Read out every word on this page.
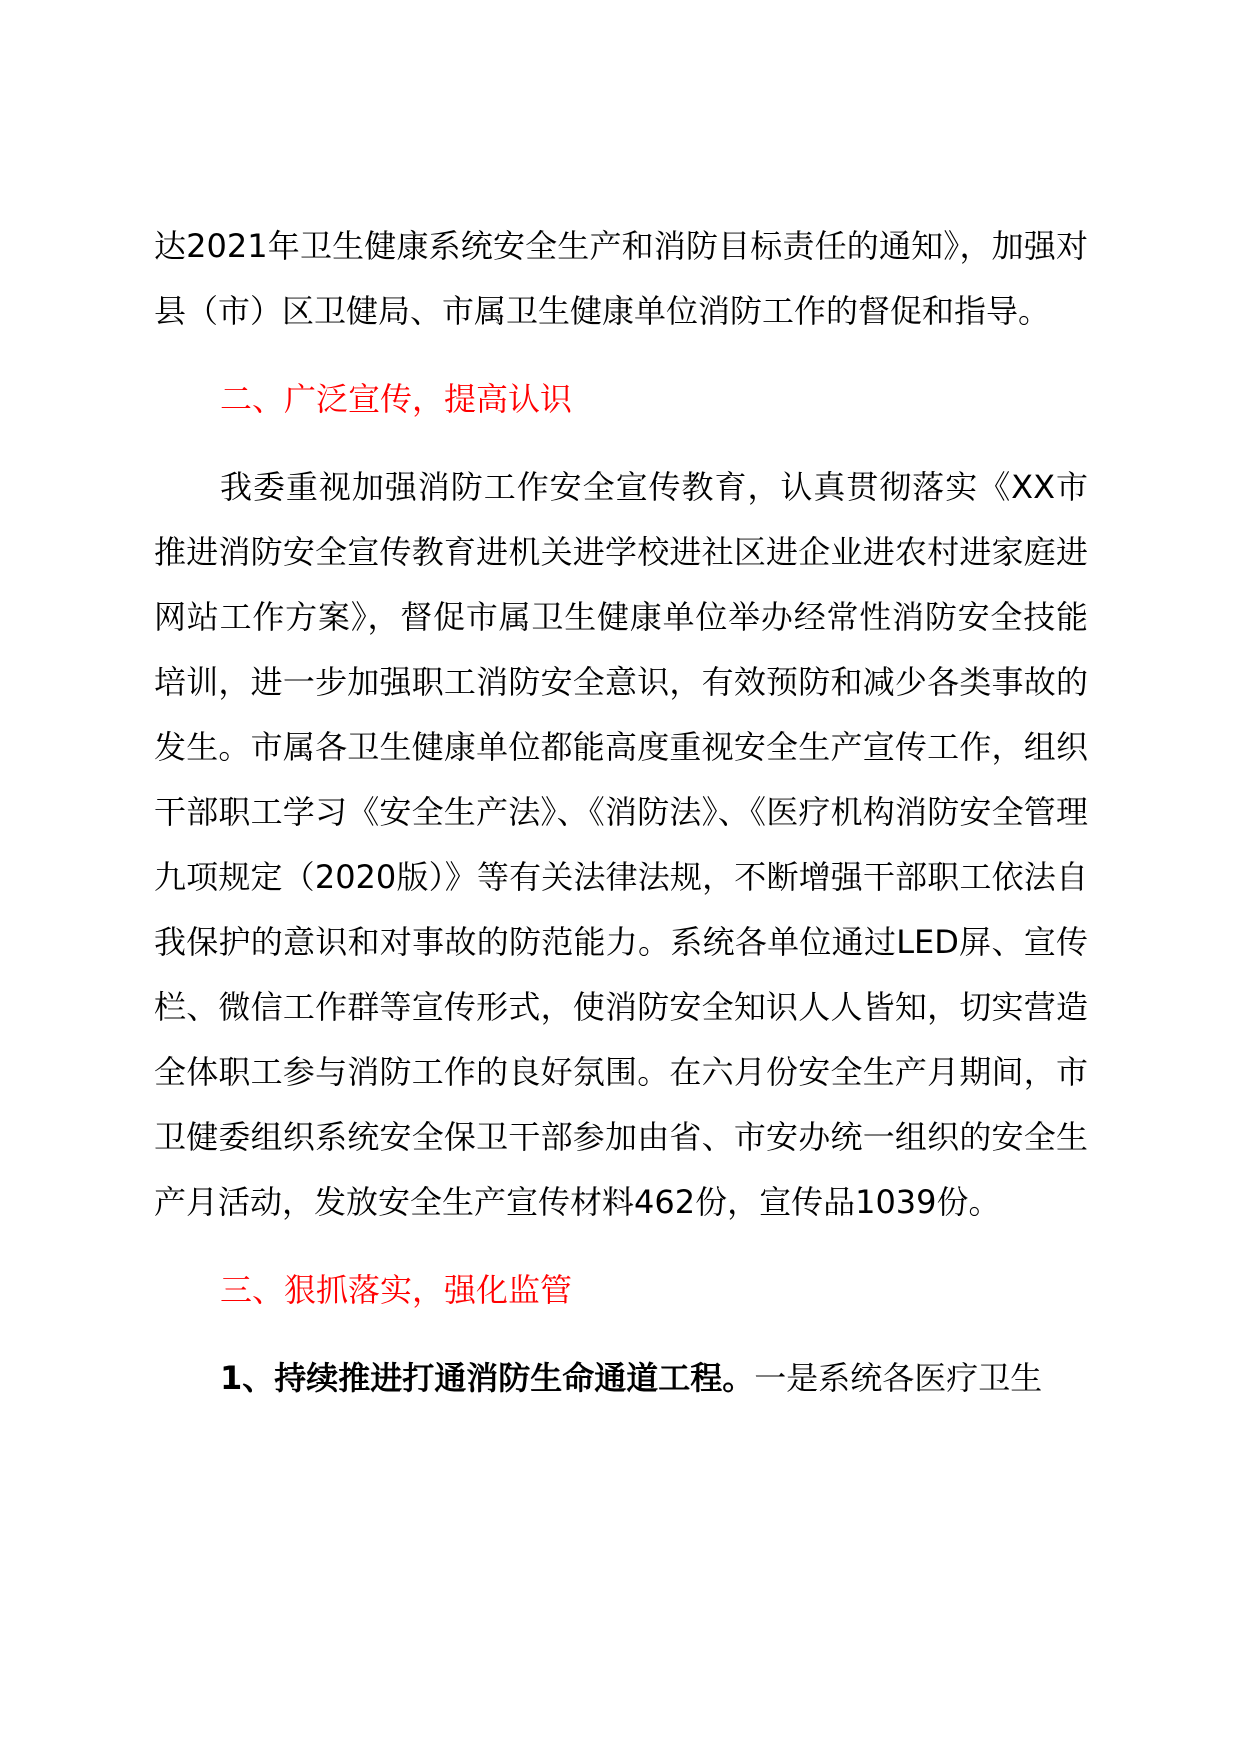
达2021年卫生健康系统安全生产和消防目标责任的通知》，加强对县（市）区卫健局、市属卫生健康单位消防工作的督促和指导。

二、广泛宣传，提高认识

我委重视加强消防工作安全宣传教育，认真贯彻落实《XX市推进消防安全宣传教育进机关进学校进社区进企业进农村进家庭进网站工作方案》，督促市属卫生健康单位举办经常性消防安全技能培训，进一步加强职工消防安全意识，有效预防和减少各类事故的发生。市属各卫生健康单位都能高度重视安全生产宣传工作，组织干部职工学习《安全生产法》、《消防法》、《医疗机构消防安全管理九项规定（2020版）》等有关法律法规，不断增强干部职工依法自我保护的意识和对事故的防范能力。系统各单位通过LED屏、宣传栏、微信工作群等宣传形式，使消防安全知识人人皆知，切实营造全体职工参与消防工作的良好氛围。在六月份安全生产月期间，市卫健委组织系统安全保卫干部参加由省、市安办统一组织的安全生产月活动，发放安全生产宣传材料462份，宣传品1039份。

三、狠抓落实，强化监管

1、持续推进打通消防生命通道工程。一是系统各医疗卫生
